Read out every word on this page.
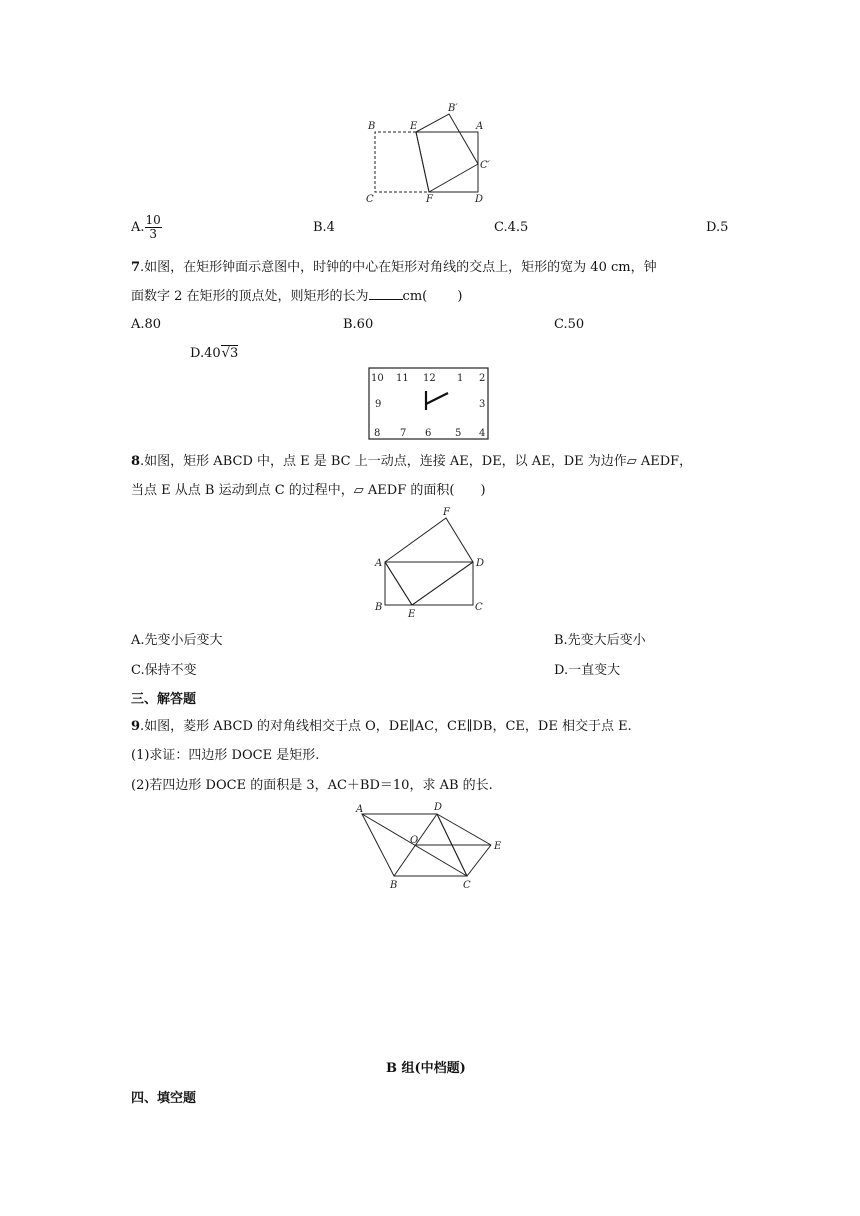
B	E
B′
A
C′
C	F	D
A. $\frac{10}{3}$	B.4	C.4.5	D.5
7.如图，在矩形钟面示意图中，时钟的中心在矩形对角线的交点上，矩形的宽为 40 cm，钟
面数字 2 在矩形的顶点处，则矩形的长为	cm(　　 )
A.80	B.60	C.50
D.40√3
10 11 12 1 2
9	3
8 7 6 5 4
8.如图，矩形 ABCD 中，点 E 是 BC 上一动点，连接 AE，DE，以 AE，DE 为边作▱ AEDF，
当点 E 从点 B 运动到点 C 的过程中，▱ AEDF 的面积(　　)
F
A	D
B
E
C
A.先变小后变大	B.先变大后变小
C.保持不变	D.一直变大
三、解答题
9.如图，菱形 ABCD 的对角线相交于点 O，DE∥AC，CE∥DB，CE，DE 相交于点 E.
(1)求证：四边形 DOCE 是矩形.
(2)若四边形 DOCE 的面积是 3，AC＋BD＝10，求 AB 的长.
A	D
O
E
B	C
B 组(中档题)
四、填空题
